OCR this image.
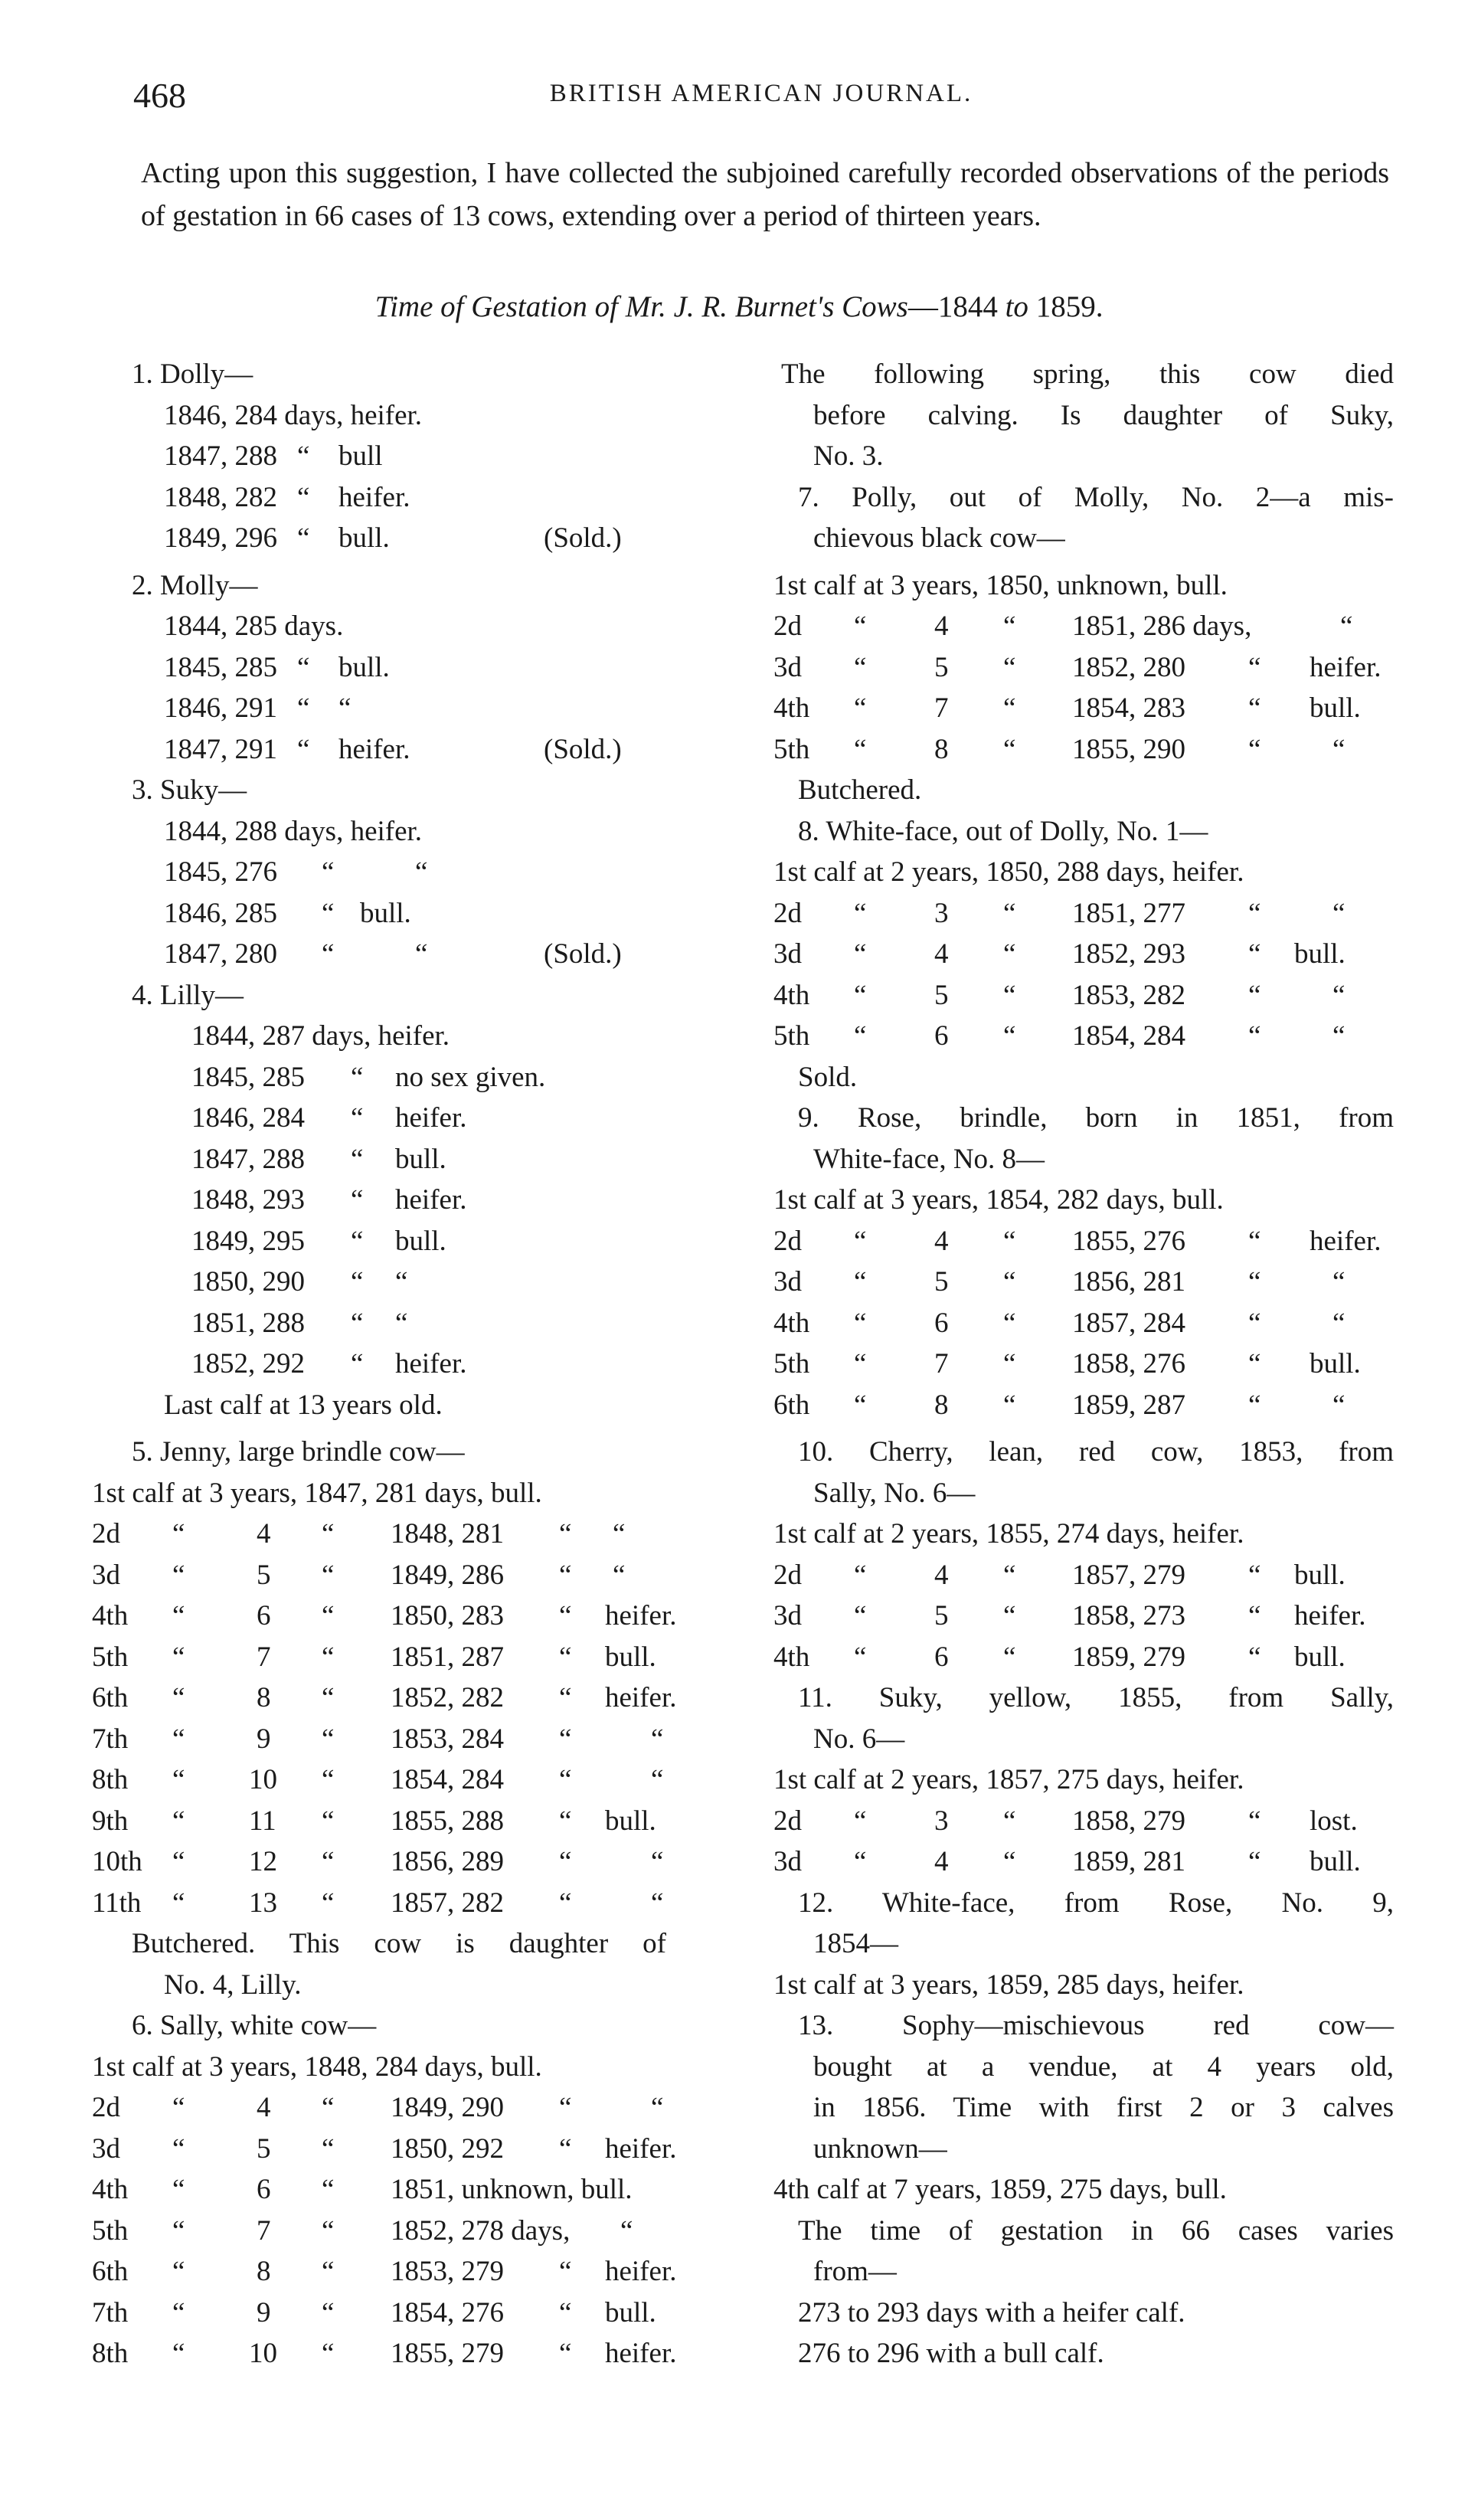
468	BRITISH AMERICAN JOURNAL.
Acting upon this suggestion, I have collected the subjoined carefully recorded observations of the periods of gestation in 66 cases of 13 cows, extending over a period of thirteen years.
Time of Gestation of Mr. J. R. Burnet's Cows—1844 to 1859.
1. Dolly—
1846, 284 days, heifer.
1847, 288 “ bull
1848, 282 “ heifer.
1849, 296 “ bull.	(Sold.)
2. Molly—
1844, 285 days.
1845, 285 “ bull.
1846, 291 “ “
1847, 291 “ heifer.	(Sold.)
3. Suky—
1844, 288 days, heifer.
1845, 276 “	“
1846, 285 “ bull.
1847, 280 “	“	(Sold.)
4. Lilly—
1844, 287 days, heifer.
1845, 285 “ no sex given.
1846, 284 “ heifer.
1847, 288 “ bull.
1848, 293 “ heifer.
1849, 295 “ bull.
1850, 290 “ “
1851, 288 “ “
1852, 292 “ heifer.
Last calf at 13 years old.
5. Jenny, large brindle cow—
1st calf at 3 years, 1847, 281 days, bull.
2d “	4 “ 1848, 281 “ “
3d “	5 “ 1849, 286 “ “
4th “	6 “ 1850, 283 “ heifer.
5th “	7 “ 1851, 287 “ bull.
6th “	8 “ 1852, 282 “ heifer.
7th “	9 “ 1853, 284 “	“
8th “ 10 “ 1854, 284 “	“
9th “ 11 “ 1855, 288 “ bull.
10th “ 12 “ 1856, 289 “	“
11th “ 13 “ 1857, 282 “	“
Butchered. This cow is daughter of
No. 4, Lilly.
6. Sally, white cow—
1st calf at 3 years, 1848, 284 days, bull.
2d “	4 “ 1849, 290 “	“
3d “	5 “ 1850, 292 “ heifer.
4th “	6 “ 1851, unknown, bull.
5th “	7 “ 1852, 278 days, “
6th “	8 “ 1853, 279 “ heifer.
7th “	9 “ 1854, 276 “ bull.
8th “ 10 “ 1855, 279 “ heifer.
The following spring, this cow died
before calving. Is daughter of Suky,
No. 3.
7. Polly, out of Molly, No. 2—a mis-
chievous black cow—
1st calf at 3 years, 1850, unknown, bull.
2d “ 4 “ 1851, 286 days,	“
3d “ 5 “ 1852, 280 “ heifer.
4th “ 7 “ 1854, 283 “ bull.
5th “ 8 “ 1855, 290 “	“
Butchered.
8. White-face, out of Dolly, No. 1—
1st calf at 2 years, 1850, 288 days, heifer.
2d “ 3 “ 1851, 277 “	“
3d “ 4 “ 1852, 293 “ bull.
4th “ 5 “ 1853, 282 “	“
5th “ 6 “ 1854, 284 “	“
Sold.
9. Rose, brindle, born in 1851, from
White-face, No. 8—
1st calf at 3 years, 1854, 282 days, bull.
2d “ 4 “ 1855, 276 “ heifer.
3d “ 5 “ 1856, 281 “	“
4th “ 6 “ 1857, 284 “	“
5th “ 7 “ 1858, 276 “ bull.
6th “ 8 “ 1859, 287 “	“
10. Cherry, lean, red cow, 1853, from
Sally, No. 6—
1st calf at 2 years, 1855, 274 days, heifer.
2d “ 4 “ 1857, 279 “ bull.
3d “ 5 “ 1858, 273 “ heifer.
4th “ 6 “ 1859, 279 “ bull.
11. Suky, yellow, 1855, from Sally,
No. 6—
1st calf at 2 years, 1857, 275 days, heifer.
2d “ 3 “ 1858, 279 “ lost.
3d “ 4 “ 1859, 281 “ bull.
12. White-face, from Rose, No. 9,
1854—
1st calf at 3 years, 1859, 285 days, heifer.
13. Sophy—mischievous red cow—
bought at a vendue, at 4 years old,
in 1856. Time with first 2 or 3 calves
unknown—
4th calf at 7 years, 1859, 275 days, bull.
The time of gestation in 66 cases varies
from—
273 to 293 days with a heifer calf.
276 to 296 with a bull calf.
